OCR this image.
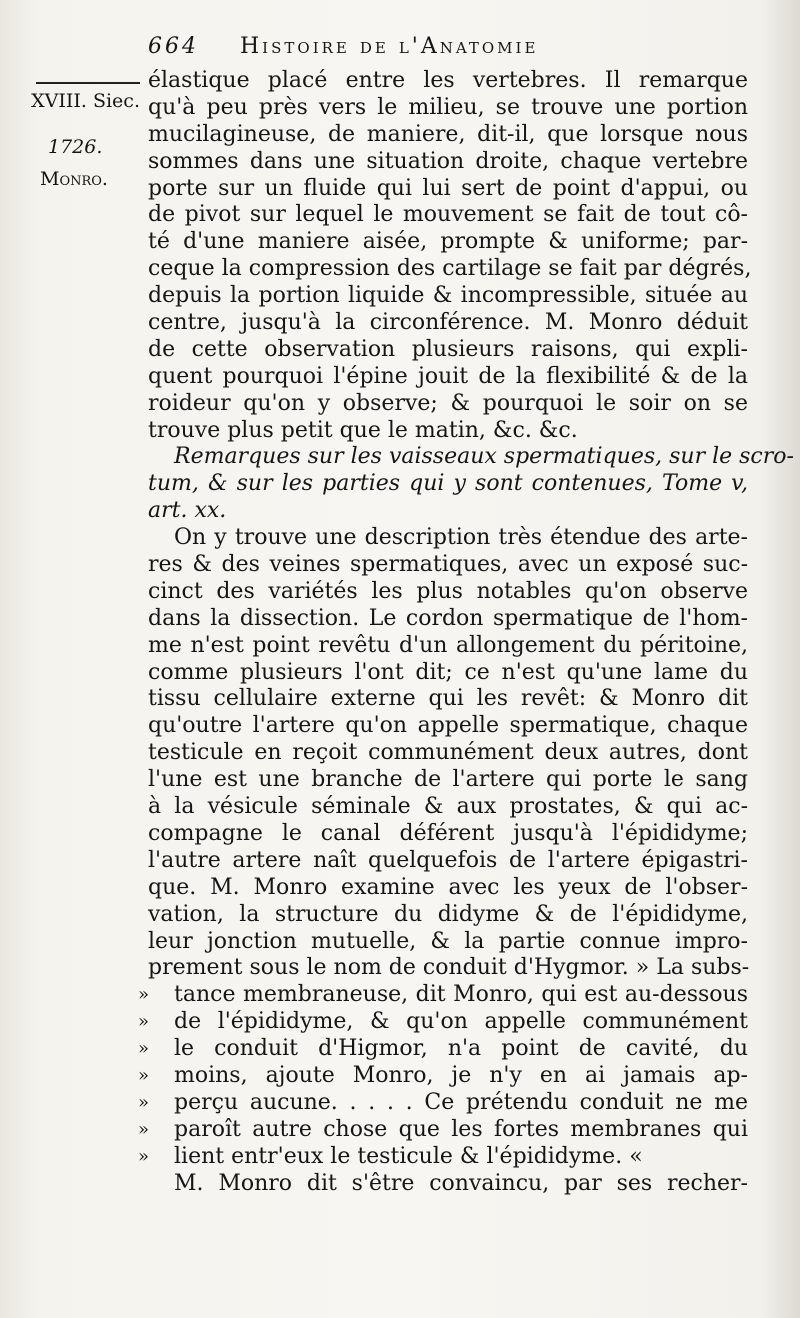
664 Histoire de l'Anatomie
XVIII. Siec.
1726.
Monro.
élastique placé entre les vertebres. Il remarque
qu'à peu près vers le milieu, se trouve une portion
mucilagineuse, de maniere, dit-il, que lorsque nous
sommes dans une situation droite, chaque vertebre
porte sur un fluide qui lui sert de point d'appui, ou
de pivot sur lequel le mouvement se fait de tout cô-
té d'une maniere aisée, prompte & uniforme; par-
ceque la compression des cartilage se fait par dégrés,
depuis la portion liquide & incompressible, située au
centre, jusqu'à la circonférence. M. Monro déduit
de cette observation plusieurs raisons, qui expli-
quent pourquoi l'épine jouit de la flexibilité & de la
roideur qu'on y observe; & pourquoi le soir on se
trouve plus petit que le matin, &c. &c.
Remarques sur les vaisseaux spermatiques, sur le scro-
tum, & sur les parties qui y sont contenues, Tome v,
art. xx.
On y trouve une description très étendue des arte-
res & des veines spermatiques, avec un exposé suc-
cinct des variétés les plus notables qu'on observe
dans la dissection. Le cordon spermatique de l'hom-
me n'est point revêtu d'un allongement du péritoine,
comme plusieurs l'ont dit; ce n'est qu'une lame du
tissu cellulaire externe qui les revêt: & Monro dit
qu'outre l'artere qu'on appelle spermatique, chaque
testicule en reçoit communément deux autres, dont
l'une est une branche de l'artere qui porte le sang
à la vésicule séminale & aux prostates, & qui ac-
compagne le canal déférent jusqu'à l'épididyme;
l'autre artere naît quelquefois de l'artere épigastri-
que. M. Monro examine avec les yeux de l'obser-
vation, la structure du didyme & de l'épididyme,
leur jonction mutuelle, & la partie connue impro-
prement sous le nom de conduit d'Hygmor. » La subs-
» tance membraneuse, dit Monro, qui est au-dessous
» de l'épididyme, & qu'on appelle communément
» le conduit d'Higmor, n'a point de cavité, du
» moins, ajoute Monro, je n'y en ai jamais ap-
» perçu aucune. . . . . Ce prétendu conduit ne me
» paroît autre chose que les fortes membranes qui
» lient entr'eux le testicule & l'épididyme. «
M. Monro dit s'être convaincu, par ses recher-
